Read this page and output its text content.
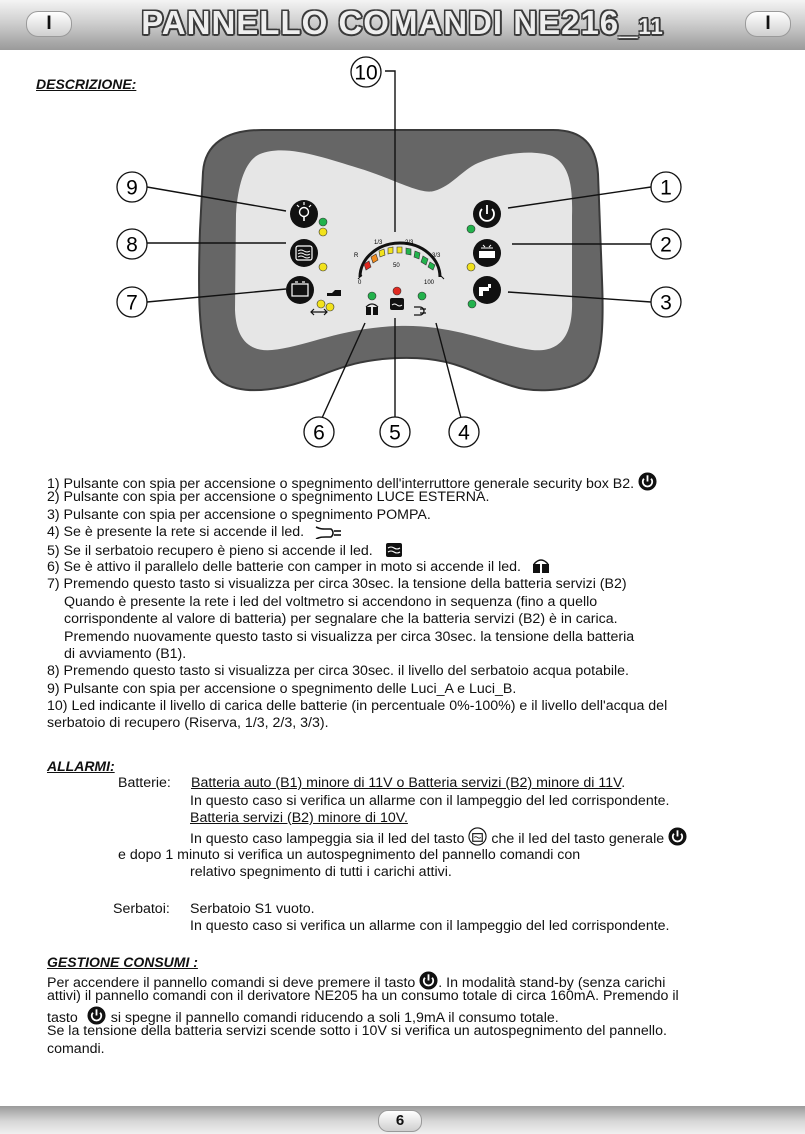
I	PANNELLO COMANDI NE216_11	I
DESCRIZIONE:
R
1/3	2/3
3/3
0
50
100
10
9
8
7
1
2
3
6	5	4
1) Pulsante con spia per accensione o spegnimento dell'interruttore generale security box B2.
2) Pulsante con spia per accensione o spegnimento LUCE ESTERNA.
3) Pulsante con spia per accensione o spegnimento POMPA.
4) Se è presente la rete si accende il led.
5) Se il serbatoio recupero è pieno si accende il led.
6) Se è attivo il parallelo delle batterie con camper in moto si accende il led.
7) Premendo questo tasto si visualizza per circa 30sec. la tensione della batteria servizi (B2)
Quando è presente la rete i led del voltmetro si accendono in sequenza (fino a quello
corrispondente al valore di batteria) per segnalare che la batteria servizi (B2) è in carica.
Premendo nuovamente questo tasto si visualizza per circa 30sec. la tensione della batteria
di avviamento (B1).
8) Premendo questo tasto si visualizza per circa 30sec. il livello del serbatoio acqua potabile.
9) Pulsante con spia per accensione o spegnimento delle Luci_A e Luci_B.
10) Led indicante il livello di carica delle batterie (in percentuale 0%-100%) e il livello dell'acqua del
serbatoio di recupero (Riserva, 1/3, 2/3, 3/3).
ALLARMI:
Batterie: Batteria auto (B1) minore di 11V o Batteria servizi (B2) minore di 11V.
In questo caso si verifica un allarme con il lampeggio del led corrispondente.
Batteria servizi (B2) minore di 10V.
In questo caso lampeggia sia il led del tasto che il led del tasto generale
e dopo 1 minuto si verifica un autospegnimento del pannello comandi con
relativo spegnimento di tutti i carichi attivi.
Serbatoi: Serbatoio S1 vuoto.
In questo caso si verifica un allarme con il lampeggio del led corrispondente.
GESTIONE CONSUMI :
Per accendere il pannello comandi si deve premere il tasto . In modalità stand-by (senza carichi
attivi) il pannello comandi con il derivatore NE205 ha un consumo totale di circa 160mA. Premendo il
tasto si spegne il pannello comandi riducendo a soli 1,9mA il consumo totale.
Se la tensione della batteria servizi scende sotto i 10V si verifica un autospegnimento del pannello.
comandi.
6
